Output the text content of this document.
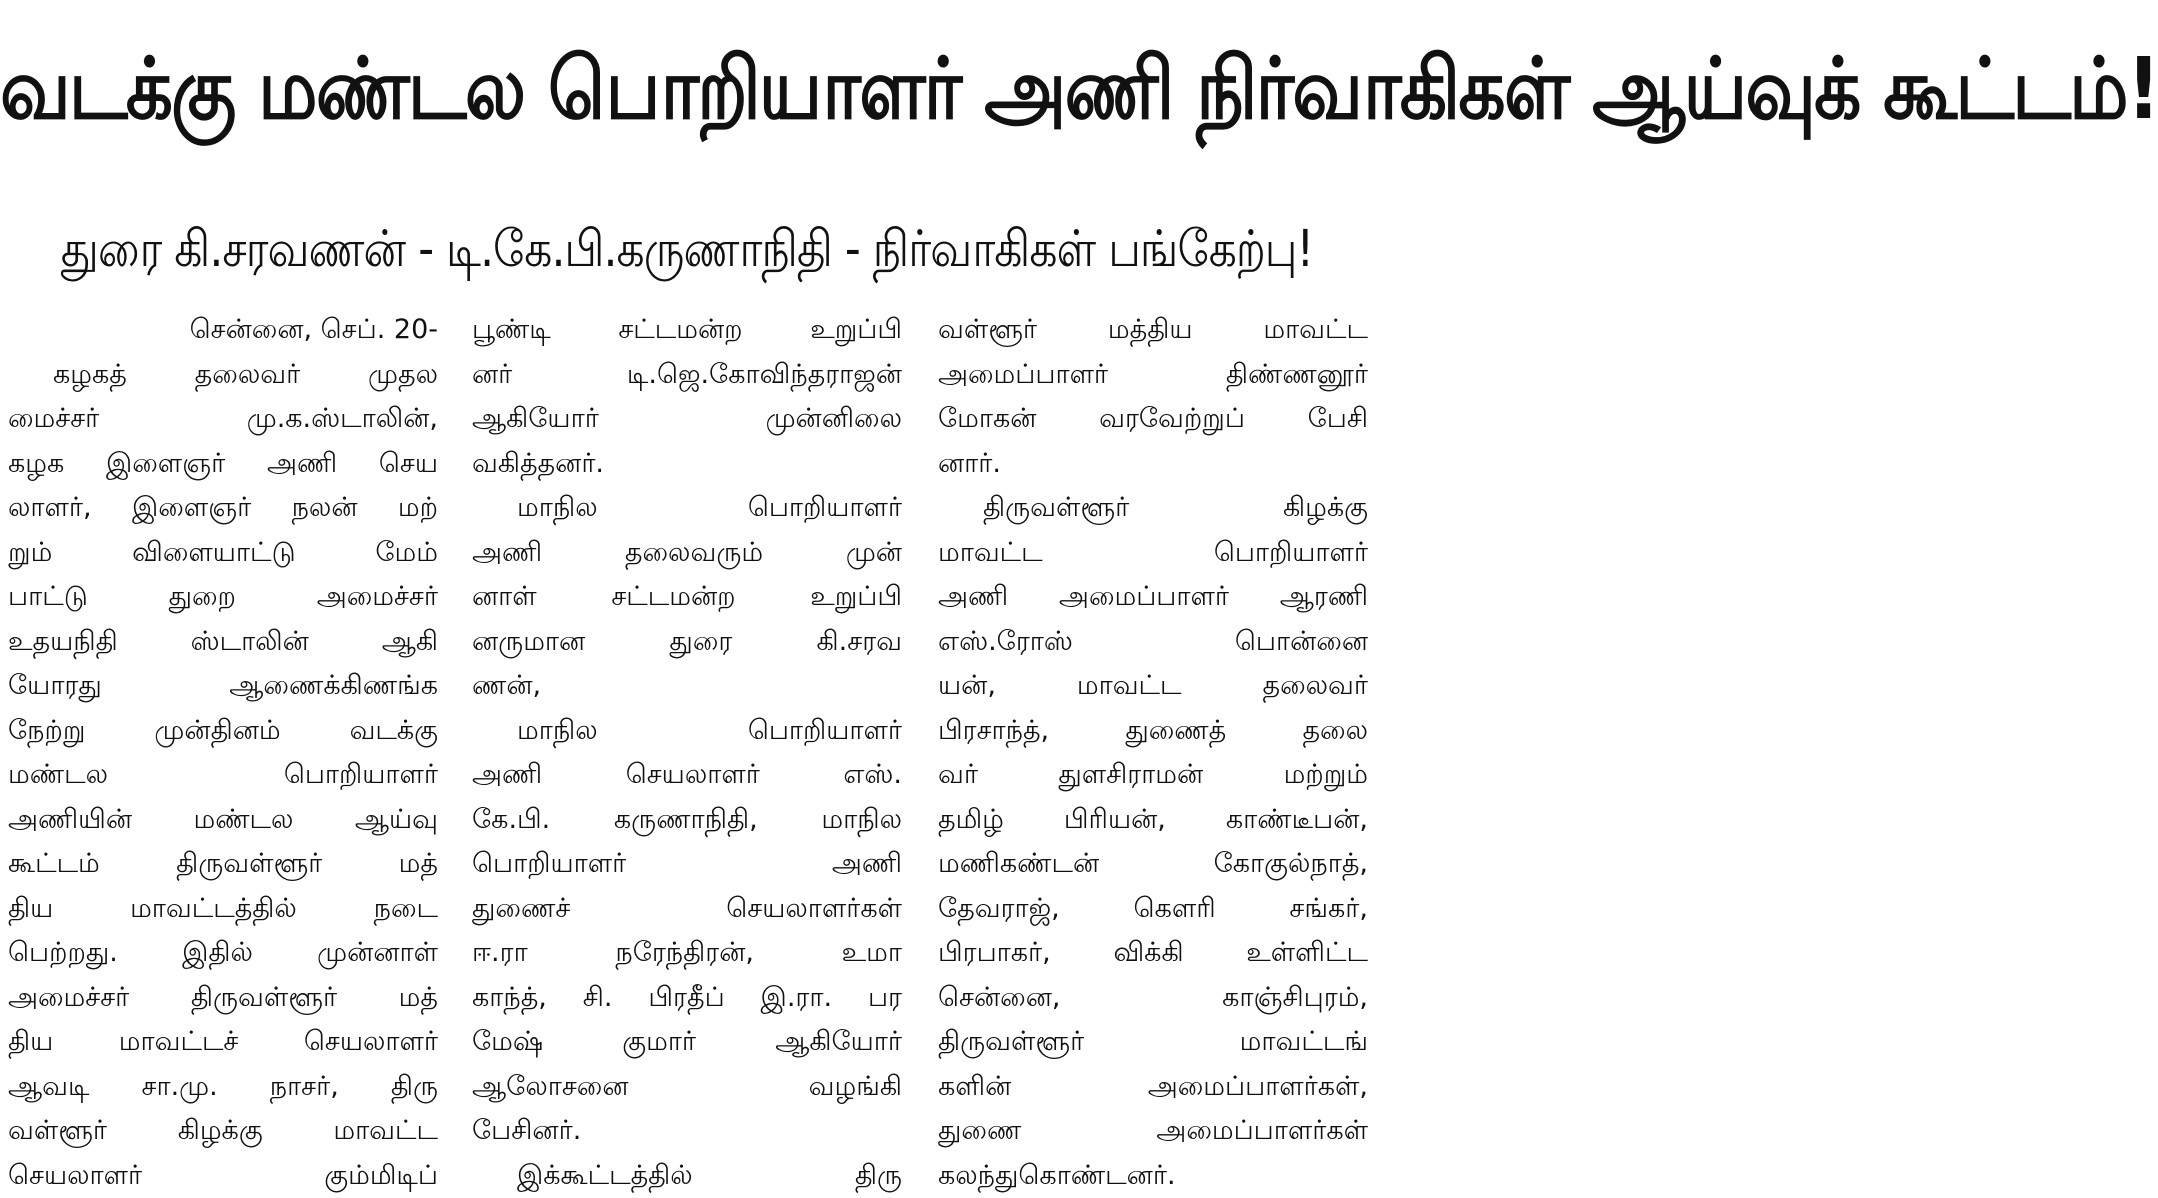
வடக்கு மண்டல பொறியாளர் அணி நிர்வாகிகள் ஆய்வுக் கூட்டம்!
துரை கி.சரவணன் - டி.கே.பி.கருணாநிதி - நிர்வாகிகள் பங்கேற்பு!
சென்னை, செப். 20-
கழகத் தலைவர் முதல
மைச்சர் மு.க.ஸ்டாலின்,
கழக இளைஞர் அணி செய
லாளர், இளைஞர் நலன் மற்
றும் விளையாட்டு மேம்
பாட்டு துறை அமைச்சர்
உதயநிதி ஸ்டாலின் ஆகி
யோரது ஆணைக்கிணங்க
நேற்று முன்தினம் வடக்கு
மண்டல பொறியாளர்
அணியின் மண்டல ஆய்வு
கூட்டம் திருவள்ளூர் மத்
திய மாவட்டத்தில் நடை
பெற்றது. இதில் முன்னாள்
அமைச்சர் திருவள்ளூர் மத்
திய மாவட்டச் செயலாளர்
ஆவடி சா.மு. நாசர், திரு
வள்ளூர் கிழக்கு மாவட்ட
செயலாளர் கும்மிடிப்
பூண்டி சட்டமன்ற உறுப்பி
னர் டி.ஜெ.கோவிந்தராஜன்
ஆகியோர் முன்னிலை
வகித்தனர்.
மாநில பொறியாளர்
அணி தலைவரும் முன்
னாள் சட்டமன்ற உறுப்பி
னருமான துரை கி.சரவ
ணன்,
மாநில பொறியாளர்
அணி செயலாளர் எஸ்.
கே.பி. கருணாநிதி, மாநில
பொறியாளர் அணி
துணைச் செயலாளர்கள்
ஈ.ரா நரேந்திரன், உமா
காந்த், சி. பிரதீப் இ.ரா. பர
மேஷ் குமார் ஆகியோர்
ஆலோசனை வழங்கி
பேசினர்.
இக்கூட்டத்தில் திரு
வள்ளூர் மத்திய மாவட்ட
அமைப்பாளர் திண்ணனூர்
மோகன் வரவேற்றுப் பேசி
னார்.
திருவள்ளூர் கிழக்கு
மாவட்ட பொறியாளர்
அணி அமைப்பாளர் ஆரணி
எஸ்.ரோஸ் பொன்னை
யன், மாவட்ட தலைவர்
பிரசாந்த், துணைத் தலை
வர் துளசிராமன் மற்றும்
தமிழ் பிரியன், காண்டீபன்,
மணிகண்டன் கோகுல்நாத்,
தேவராஜ், கௌரி சங்கர்,
பிரபாகர், விக்கி உள்ளிட்ட
சென்னை, காஞ்சிபுரம்,
திருவள்ளூர் மாவட்டங்
களின் அமைப்பாளர்கள்,
துணை அமைப்பாளர்கள்
கலந்துகொண்டனர்.
